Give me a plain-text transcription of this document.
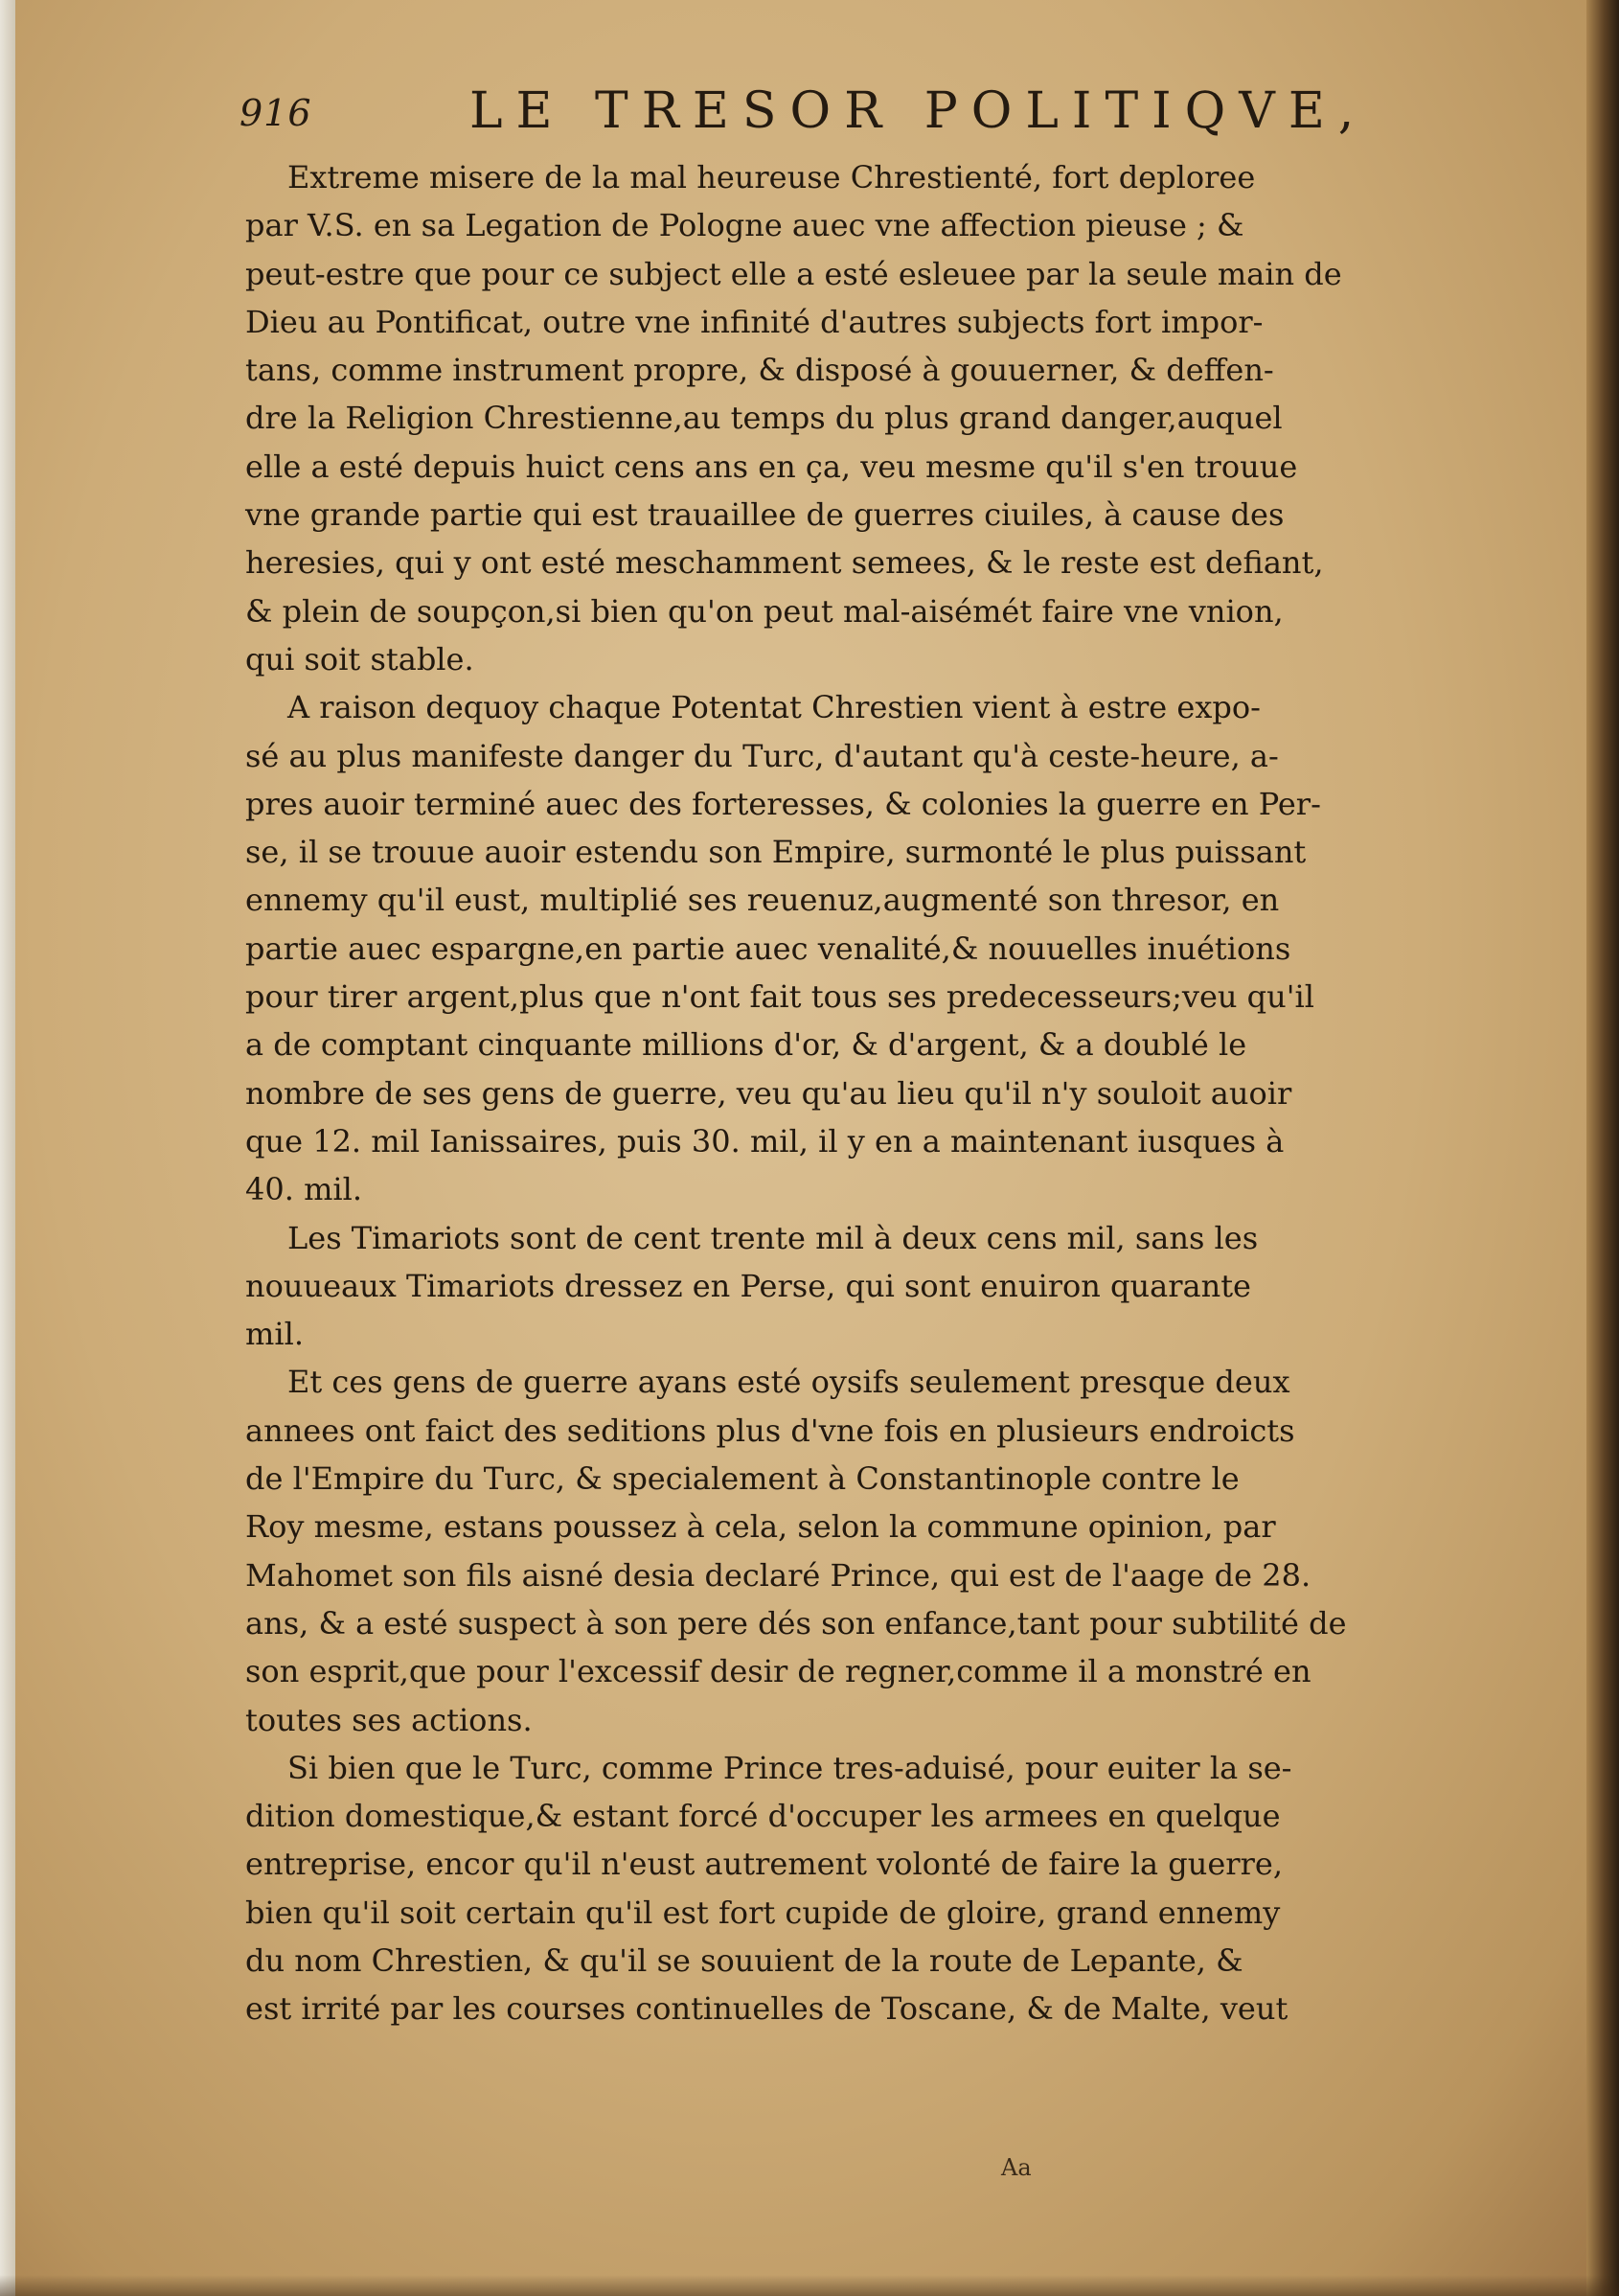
916	LE TRESOR POLITIQVE,
Extreme misere de la mal heureuse Chrestienté, fort deploree
par V.S. en sa Legation de Pologne auec vne affection pieuse ; &
peut-estre que pour ce subject elle a esté esleuee par la seule main de
Dieu au Pontificat, outre vne infinité d'autres subjects fort impor-
tans, comme instrument propre, & disposé à gouuerner, & deffen-
dre la Religion Chrestienne,au temps du plus grand danger,auquel
elle a esté depuis huict cens ans en ça, veu mesme qu'il s'en trouue
vne grande partie qui est trauaillee de guerres ciuiles, à cause des
heresies, qui y ont esté meschamment semees, & le reste est defiant,
& plein de soupçon,si bien qu'on peut mal-aisémét faire vne vnion,
qui soit stable.
A raison dequoy chaque Potentat Chrestien vient à estre expo-
sé au plus manifeste danger du Turc, d'autant qu'à ceste-heure, a-
pres auoir terminé auec des forteresses, & colonies la guerre en Per-
se, il se trouue auoir estendu son Empire, surmonté le plus puissant
ennemy qu'il eust, multiplié ses reuenuz,augmenté son thresor, en
partie auec espargne,en partie auec venalité,& nouuelles inuétions
pour tirer argent,plus que n'ont fait tous ses predecesseurs;veu qu'il
a de comptant cinquante millions d'or, & d'argent, & a doublé le
nombre de ses gens de guerre, veu qu'au lieu qu'il n'y souloit auoir
que 12. mil Ianissaires, puis 30. mil, il y en a maintenant iusques à
40. mil.
Les Timariots sont de cent trente mil à deux cens mil, sans les
nouueaux Timariots dressez en Perse, qui sont enuiron quarante
mil.
Et ces gens de guerre ayans esté oysifs seulement presque deux
annees ont faict des seditions plus d'vne fois en plusieurs endroicts
de l'Empire du Turc, & specialement à Constantinople contre le
Roy mesme, estans poussez à cela, selon la commune opinion, par
Mahomet son fils aisné desia declaré Prince, qui est de l'aage de 28.
ans, & a esté suspect à son pere dés son enfance,tant pour subtilité de
son esprit,que pour l'excessif desir de regner,comme il a monstré en
toutes ses actions.
Si bien que le Turc, comme Prince tres-aduisé, pour euiter la se-
dition domestique,& estant forcé d'occuper les armees en quelque
entreprise, encor qu'il n'eust autrement volonté de faire la guerre,
bien qu'il soit certain qu'il est fort cupide de gloire, grand ennemy
du nom Chrestien, & qu'il se souuient de la route de Lepante, &
est irrité par les courses continuelles de Toscane, & de Malte, veut
Aa
